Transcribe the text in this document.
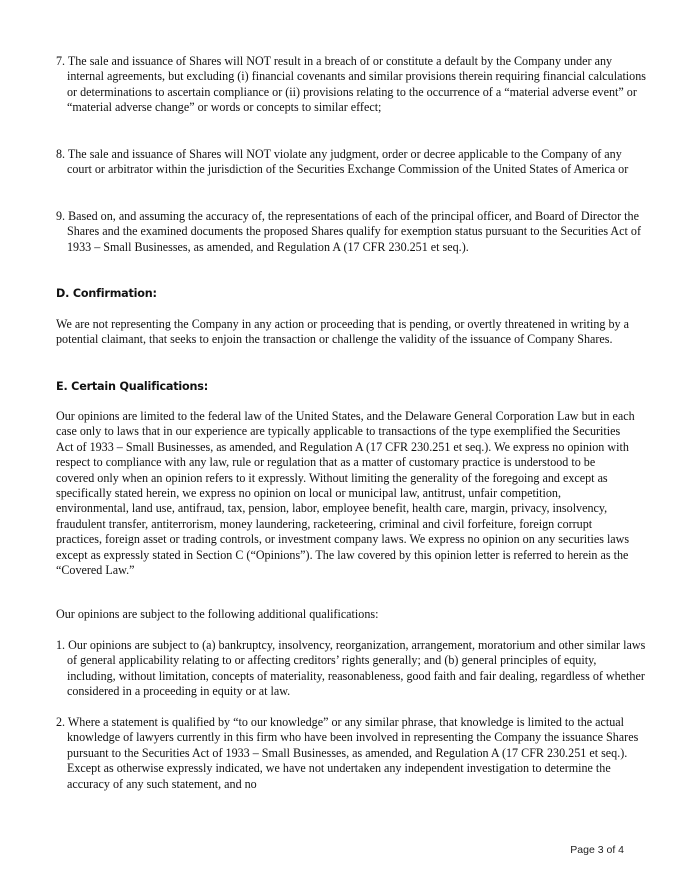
7. The sale and issuance of Shares will NOT result in a breach of or constitute a default by the Company under any internal agreements, but excluding (i) financial covenants and similar provisions therein requiring financial calculations or determinations to ascertain compliance or (ii) provisions relating to the occurrence of a “material adverse event” or “material adverse change” or words or concepts to similar effect;

8. The sale and issuance of Shares will NOT violate any judgment, order or decree applicable to the Company of any court or arbitrator within the jurisdiction of the Securities Exchange Commission of the United States of America or

9. Based on, and assuming the accuracy of, the representations of each of the principal officer, and Board of Director the Shares and the examined documents the proposed Shares qualify for exemption status pursuant to the Securities Act of 1933 – Small Businesses, as amended, and Regulation A (17 CFR 230.251 et seq.).

D. Confirmation:

We are not representing the Company in any action or proceeding that is pending, or overtly threatened in writing by a potential claimant, that seeks to enjoin the transaction or challenge the validity of the issuance of Company Shares.

E. Certain Qualifications:

Our opinions are limited to the federal law of the United States, and the Delaware General Corporation Law but in each case only to laws that in our experience are typically applicable to transactions of the type exemplified the Securities Act of 1933 – Small Businesses, as amended, and Regulation A (17 CFR 230.251 et seq.). We express no opinion with respect to compliance with any law, rule or regulation that as a matter of customary practice is understood to be covered only when an opinion refers to it expressly. Without limiting the generality of the foregoing and except as specifically stated herein, we express no opinion on local or municipal law, antitrust, unfair competition, environmental, land use, antifraud, tax, pension, labor, employee benefit, health care, margin, privacy, insolvency, fraudulent transfer, antiterrorism, money laundering, racketeering, criminal and civil forfeiture, foreign corrupt practices, foreign asset or trading controls, or investment company laws. We express no opinion on any securities laws except as expressly stated in Section C (“Opinions”). The law covered by this opinion letter is referred to herein as the “Covered Law.”

Our opinions are subject to the following additional qualifications:

1. Our opinions are subject to (a) bankruptcy, insolvency, reorganization, arrangement, moratorium and other similar laws of general applicability relating to or affecting creditors’ rights generally; and (b) general principles of equity, including, without limitation, concepts of materiality, reasonableness, good faith and fair dealing, regardless of whether considered in a proceeding in equity or at law.

2. Where a statement is qualified by “to our knowledge” or any similar phrase, that knowledge is limited to the actual knowledge of lawyers currently in this firm who have been involved in representing the Company the issuance Shares pursuant to the Securities Act of 1933 – Small Businesses, as amended, and Regulation A (17 CFR 230.251 et seq.). Except as otherwise expressly indicated, we have not undertaken any independent investigation to determine the accuracy of any such statement, and no

Page 3 of 4
